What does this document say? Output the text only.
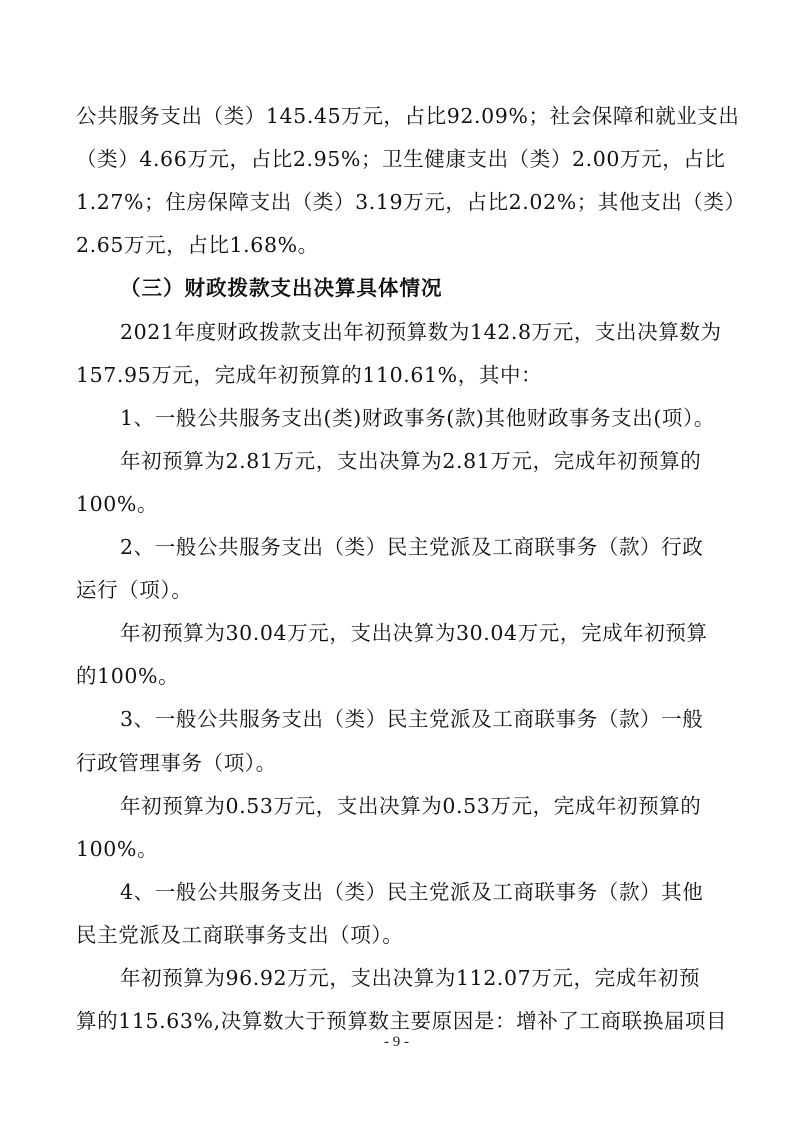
公共服务支出（类）145.45万元，占比92.09%；社会保障和就业支出
（类）4.66万元，占比2.95%；卫生健康支出（类）2.00万元，占比
1.27%；住房保障支出（类）3.19万元，占比2.02%；其他支出（类）
2.65万元，占比1.68%。
（三）财政拨款支出决算具体情况
2021年度财政拨款支出年初预算数为142.8万元，支出决算数为
157.95万元，完成年初预算的110.61%，其中：
1、一般公共服务支出(类)财政事务(款)其他财政事务支出(项）。
年初预算为2.81万元，支出决算为2.81万元，完成年初预算的
100%。
2、一般公共服务支出（类）民主党派及工商联事务（款）行政
运行（项）。
年初预算为30.04万元，支出决算为30.04万元，完成年初预算
的100%。
3、一般公共服务支出（类）民主党派及工商联事务（款）一般
行政管理事务（项）。
年初预算为0.53万元，支出决算为0.53万元，完成年初预算的
100%。
4、一般公共服务支出（类）民主党派及工商联事务（款）其他
民主党派及工商联事务支出（项）。
年初预算为96.92万元，支出决算为112.07万元，完成年初预
- 9 -
算的115.63%,决算数大于预算数主要原因是：增补了工商联换届项目
